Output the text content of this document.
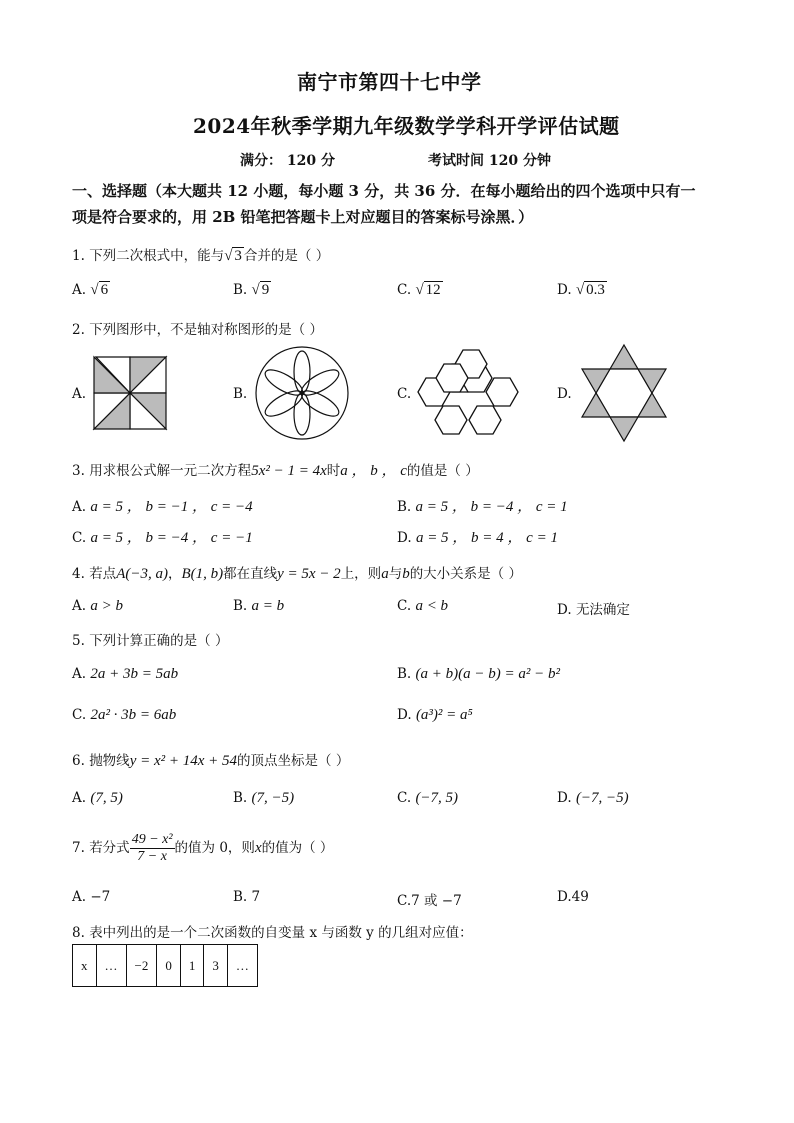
南宁市第四十七中学
2024年秋季学期九年级数学学科开学评估试题
满分： 120 分	考试时间 120 分钟
一、选择题（本大题共 12 小题，每小题 3 分，共 36 分．在每小题给出的四个选项中只有一
项是符合要求的，用 2B 铅笔把答题卡上对应题目的答案标号涂黑．）
1. 下列二次根式中，能与√ 3 合并的是（ ）
A. √ 6	B. √ 9	C. √ 12	D. √ 0.3
2. 下列图形中，不是轴对称图形的是（ ）
A.	B.	C.	D.
3. 用求根公式解一元二次方程5x² − 1 = 4x时a ， b ， c的值是（ ）
A. a = 5 ， b = −1 ， c = −4	B. a = 5 ， b = −4 ， c = 1
C. a = 5 ， b = −4 ， c = −1	D. a = 5 ， b = 4 ， c = 1
4. 若点A(−3, a)，B(1, b)都在直线y = 5x − 2上，则a与b的大小关系是（ ）
A. a > b	B. a = b	C. a < b	D. 无法确定
5. 下列计算正确的是（ ）
A. 2a + 3b = 5ab	B. (a + b)(a − b) = a² − b²
C. 2a² · 3b = 6ab	D. (a³)² = a⁵
6. 抛物线y = x² + 14x + 54的顶点坐标是（ ）
A. (7, 5)	B. (7, −5)	C. (−7, 5)	D. (−7, −5)
7. 若分式 $\frac{\text{49 − x²}}{7 - x}$ 的值为 0，则x的值为（ ）
A. −7	B. 7	C.7 或 −7	D.49
8. 表中列出的是一个二次函数的自变量 x 与函数 y 的几组对应值：
x	…	−2	0	1	3	…
